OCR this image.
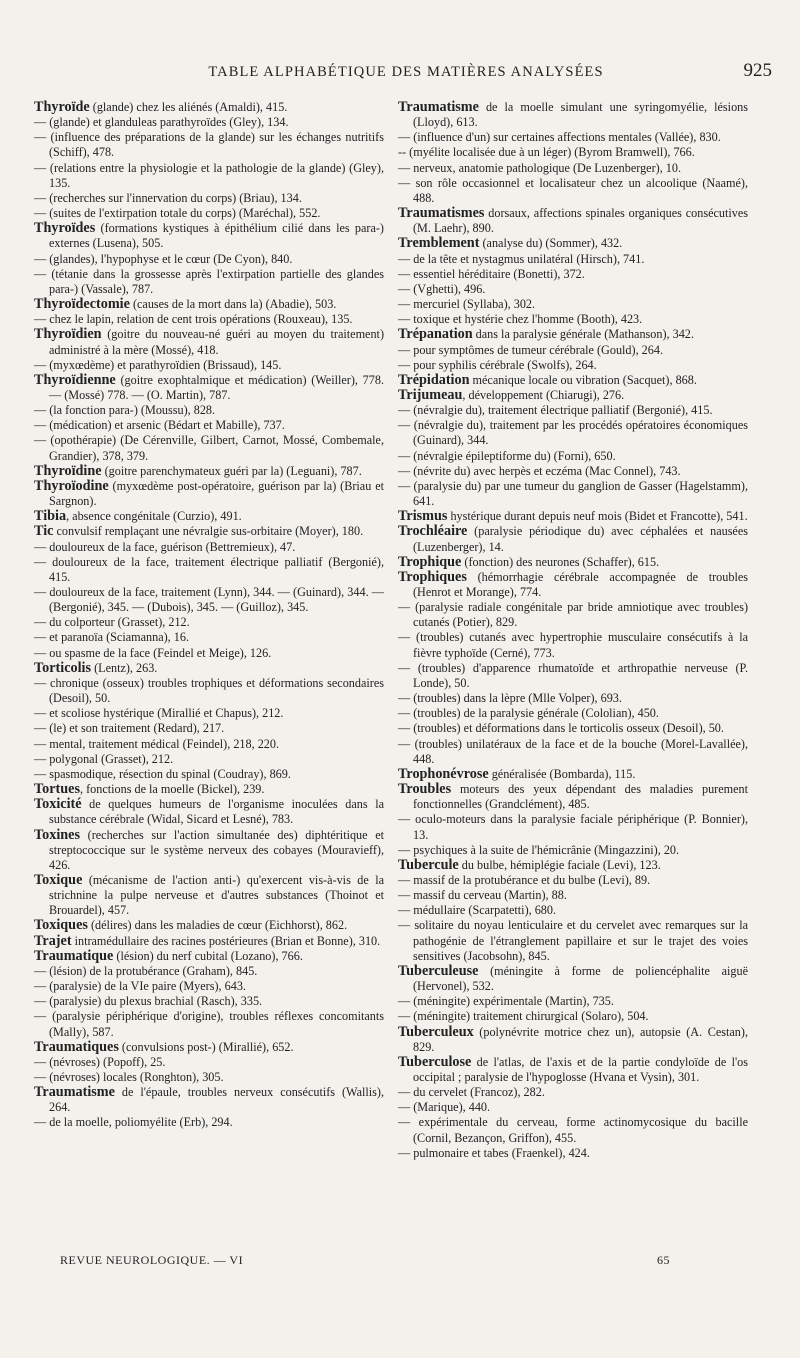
TABLE ALPHABÉTIQUE DES MATIÈRES ANALYSÉES	925

Thyroïde (glande) chez les aliénés (Amaldi), 415.

— (glande) et glanduleas parathyroïdes (Gley), 134.

— (influence des préparations de la glande) sur les échanges nutritifs (Schiff), 478.

— (relations entre la physiologie et la pathologie de la glande) (Gley), 135.

— (recherches sur l'innervation du corps) (Briau), 134.

— (suites de l'extirpation totale du corps) (Maréchal), 552.

Thyroïdes (formations kystiques à épithélium cilié dans les para-) externes (Lusena), 505.

— (glandes), l'hypophyse et le cœur (De Cyon), 840.

— (tétanie dans la grossesse après l'extirpation partielle des glandes para-) (Vassale), 787.

Thyroïdectomie (causes de la mort dans la) (Abadie), 503.

— chez le lapin, relation de cent trois opérations (Rouxeau), 135.

Thyroïdien (goitre du nouveau-né guéri au moyen du traitement) administré à la mère (Mossé), 418.

— (myxœdème) et parathyroïdien (Brissaud), 145.

Thyroïdienne (goitre exophtalmique et médication) (Weiller), 778. — (Mossé) 778. — (O. Martin), 787.

— (la fonction para-) (Moussu), 828.

— (médication) et arsenic (Bédart et Mabille), 737.

— (opothérapie) (De Cérenville, Gilbert, Carnot, Mossé, Combemale, Grandier), 378, 379.

Thyroïdine (goitre parenchymateux guéri par la) (Leguani), 787.

Thyroïodine (myxœdème post-opératoire, guérison par la) (Briau et Sargnon).

Tibia, absence congénitale (Curzio), 491.

Tic convulsif remplaçant une névralgie sus-orbitaire (Moyer), 180.

— douloureux de la face, guérison (Bettremieux), 47.

— douloureux de la face, traitement électrique palliatif (Bergonié), 415.

— douloureux de la face, traitement (Lynn), 344. — (Guinard), 344. — (Bergonié), 345. — (Dubois), 345. — (Guilloz), 345.

— du colporteur (Grasset), 212.

— et paranoïa (Sciamanna), 16.

— ou spasme de la face (Feindel et Meige), 126.

Torticolis (Lentz), 263.

— chronique (osseux) troubles trophiques et déformations secondaires (Desoil), 50.

— et scoliose hystérique (Mirallié et Chapus), 212.

— (le) et son traitement (Redard), 217.

— mental, traitement médical (Feindel), 218, 220.

— polygonal (Grasset), 212.

— spasmodique, résection du spinal (Coudray), 869.

Tortues, fonctions de la moelle (Bickel), 239.

Toxicité de quelques humeurs de l'organisme inoculées dans la substance cérébrale (Widal, Sicard et Lesné), 783.

Toxines (recherches sur l'action simultanée des) diphtéritique et streptococcique sur le système nerveux des cobayes (Mouravieff), 426.

Toxique (mécanisme de l'action anti-) qu'exercent vis-à-vis de la strichnine la pulpe nerveuse et d'autres substances (Thoinot et Brouardel), 457.

Toxiques (délires) dans les maladies de cœur (Eichhorst), 862.

Trajet intramédullaire des racines postérieures (Brian et Bonne), 310.

Traumatique (lésion) du nerf cubital (Lozano), 766.

— (lésion) de la protubérance (Graham), 845.

— (paralysie) de la VIe paire (Myers), 643.

— (paralysie) du plexus brachial (Rasch), 335.

— (paralysie périphérique d'origine), troubles réflexes concomitants (Mally), 587.

Traumatiques (convulsions post-) (Mirallié), 652.

— (névroses) (Popoff), 25.

— (névroses) locales (Ronghton), 305.

Traumatisme de l'épaule, troubles nerveux consécutifs (Wallis), 264.

— de la moelle, poliomyélite (Erb), 294.

Traumatisme de la moelle simulant une syringomyélie, lésions (Lloyd), 613.

— (influence d'un) sur certaines affections mentales (Vallée), 830.

-- (myélite localisée due à un léger) (Byrom Bramwell), 766.

— nerveux, anatomie pathologique (De Luzenberger), 10.

— son rôle occasionnel et localisateur chez un alcoolique (Naamé), 488.

Traumatismes dorsaux, affections spinales organiques consécutives (M. Laehr), 890.

Tremblement (analyse du) (Sommer), 432.

— de la tête et nystagmus unilatéral (Hirsch), 741.

— essentiel héréditaire (Bonetti), 372.

— (Vghetti), 496.

— mercuriel (Syllaba), 302.

— toxique et hystérie chez l'homme (Booth), 423.

Trépanation dans la paralysie générale (Mathanson), 342.

— pour symptômes de tumeur cérébrale (Gould), 264.

— pour syphilis cérébrale (Swolfs), 264.

Trépidation mécanique locale ou vibration (Sacquet), 868.

Trijumeau, développement (Chiarugi), 276.

— (névralgie du), traitement électrique palliatif (Bergonié), 415.

— (névralgie du), traitement par les procédés opératoires économiques (Guinard), 344.

— (névralgie épileptiforme du) (Forni), 650.

— (névrite du) avec herpès et eczéma (Mac Connel), 743.

— (paralysie du) par une tumeur du ganglion de Gasser (Hagelstamm), 641.

Trismus hystérique durant depuis neuf mois (Bidet et Francotte), 541.

Trochléaire (paralysie périodique du) avec céphalées et nausées (Luzenberger), 14.

Trophique (fonction) des neurones (Schaffer), 615.

Trophiques (hémorrhagie cérébrale accompagnée de troubles (Henrot et Morange), 774.

— (paralysie radiale congénitale par bride amniotique avec troubles) cutanés (Potier), 829.

— (troubles) cutanés avec hypertrophie musculaire consécutifs à la fièvre typhoïde (Cerné), 773.

— (troubles) d'apparence rhumatoïde et arthropathie nerveuse (P. Londe), 50.

— (troubles) dans la lèpre (Mlle Volper), 693.

— (troubles) de la paralysie générale (Cololian), 450.

— (troubles) et déformations dans le torticolis osseux (Desoil), 50.

— (troubles) unilatéraux de la face et de la bouche (Morel-Lavallée), 448.

Trophonévrose généralisée (Bombarda), 115.

Troubles moteurs des yeux dépendant des maladies purement fonctionnelles (Grandclément), 485.

— oculo-moteurs dans la paralysie faciale périphérique (P. Bonnier), 13.

— psychiques à la suite de l'hémicrânie (Mingazzini), 20.

Tubercule du bulbe, hémiplégie faciale (Levi), 123.

— massif de la protubérance et du bulbe (Levi), 89.

— massif du cerveau (Martin), 88.

— médullaire (Scarpatetti), 680.

— solitaire du noyau lenticulaire et du cervelet avec remarques sur la pathogénie de l'étranglement papillaire et sur le trajet des voies sensitives (Jacobsohn), 845.

Tuberculeuse (méningite à forme de poliencéphalite aiguë (Hervonel), 532.

— (méningite) expérimentale (Martin), 735.

— (méningite) traitement chirurgical (Solaro), 504.

Tuberculeux (polynévrite motrice chez un), autopsie (A. Cestan), 829.

Tuberculose de l'atlas, de l'axis et de la partie condyloïde de l'os occipital ; paralysie de l'hypoglosse (Hvana et Vysin), 301.

— du cervelet (Francoz), 282.

— (Marique), 440.

— expérimentale du cerveau, forme actinomycosique du bacille (Cornil, Bezançon, Griffon), 455.

— pulmonaire et tabes (Fraenkel), 424.

REVUE NEUROLOGIQUE. — VI	65
